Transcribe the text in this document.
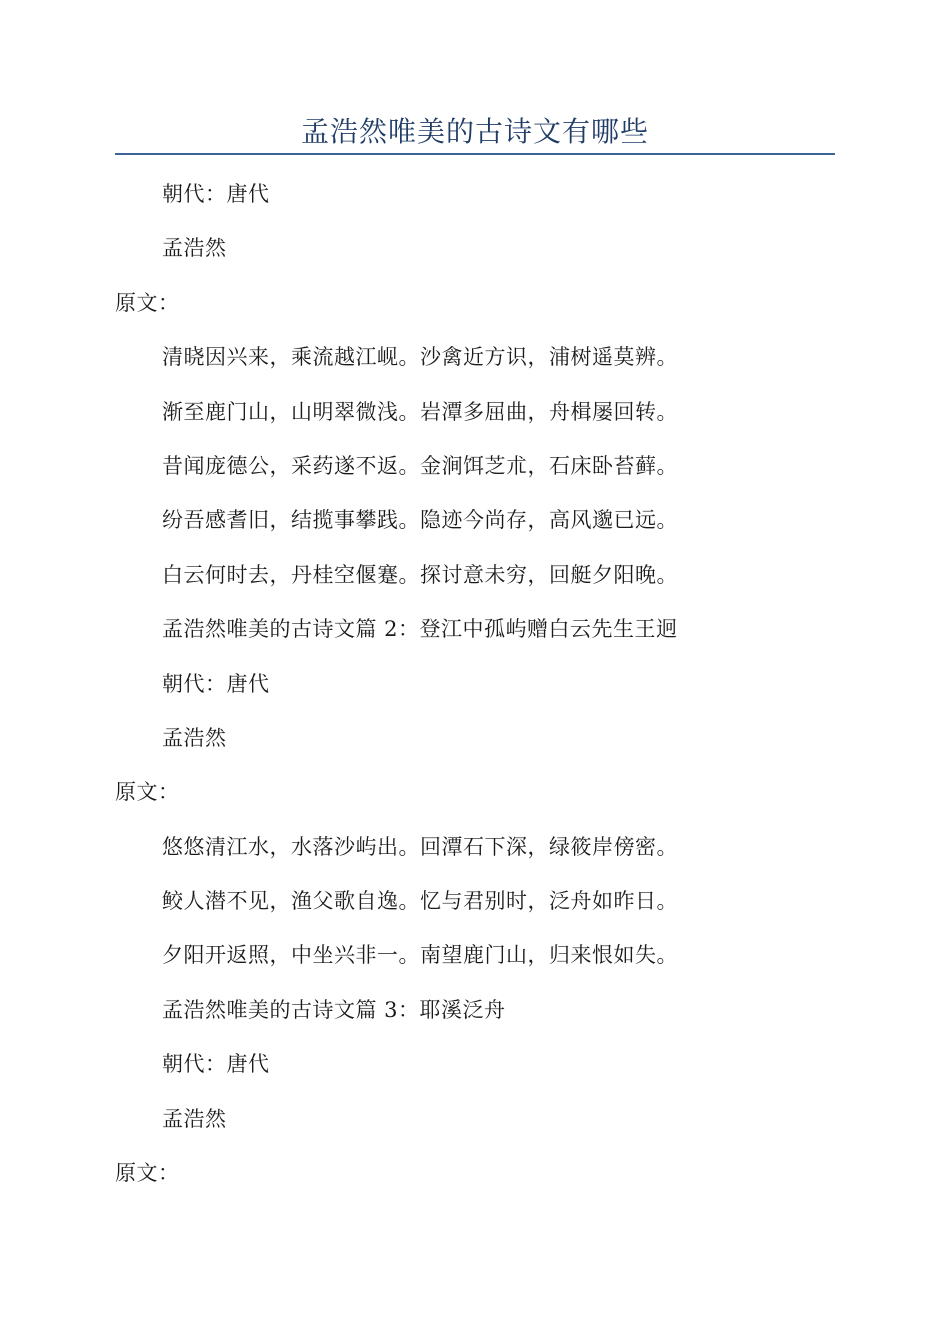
孟浩然唯美的古诗文有哪些
朝代：唐代
孟浩然
原文：
清晓因兴来，乘流越江岘。沙禽近方识，浦树遥莫辨。
渐至鹿门山，山明翠微浅。岩潭多屈曲，舟楫屡回转。
昔闻庞德公，采药遂不返。金涧饵芝朮，石床卧苔藓。
纷吾感耆旧，结揽事攀践。隐迹今尚存，高风邈已远。
白云何时去，丹桂空偃蹇。探讨意未穷，回艇夕阳晚。
孟浩然唯美的古诗文篇 2：登江中孤屿赠白云先生王迥
朝代：唐代
孟浩然
原文：
悠悠清江水，水落沙屿出。回潭石下深，绿筱岸傍密。
鲛人潜不见，渔父歌自逸。忆与君别时，泛舟如昨日。
夕阳开返照，中坐兴非一。南望鹿门山，归来恨如失。
孟浩然唯美的古诗文篇 3：耶溪泛舟
朝代：唐代
孟浩然
原文：
